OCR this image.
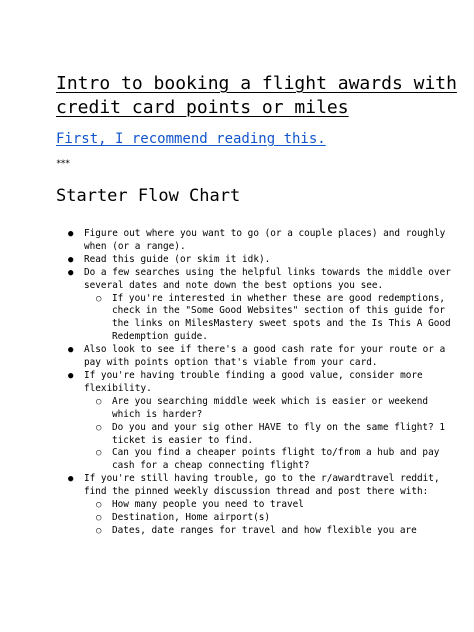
Intro to booking a flight awards with
credit card points or miles
First, I recommend reading this.
***
Starter Flow Chart
● Figure out where you want to go (or a couple places) and roughly
when (or a range).
● Read this guide (or skim it idk).
● Do a few searches using the helpful links towards the middle over
several dates and note down the best options you see.
○ If you're interested in whether these are good redemptions,
check in the "Some Good Websites" section of this guide for
the links on MilesMastery sweet spots and the Is This A Good
Redemption guide.
● Also look to see if there's a good cash rate for your route or a
pay with points option that's viable from your card.
● If you're having trouble finding a good value, consider more
flexibility.
○ Are you searching middle week which is easier or weekend
which is harder?
○ Do you and your sig other HAVE to fly on the same flight? 1
ticket is easier to find.
○ Can you find a cheaper points flight to/from a hub and pay
cash for a cheap connecting flight?
● If you're still having trouble, go to the r/awardtravel reddit,
find the pinned weekly discussion thread and post there with:
○ How many people you need to travel
○ Destination, Home airport(s)
○ Dates, date ranges for travel and how flexible you are
